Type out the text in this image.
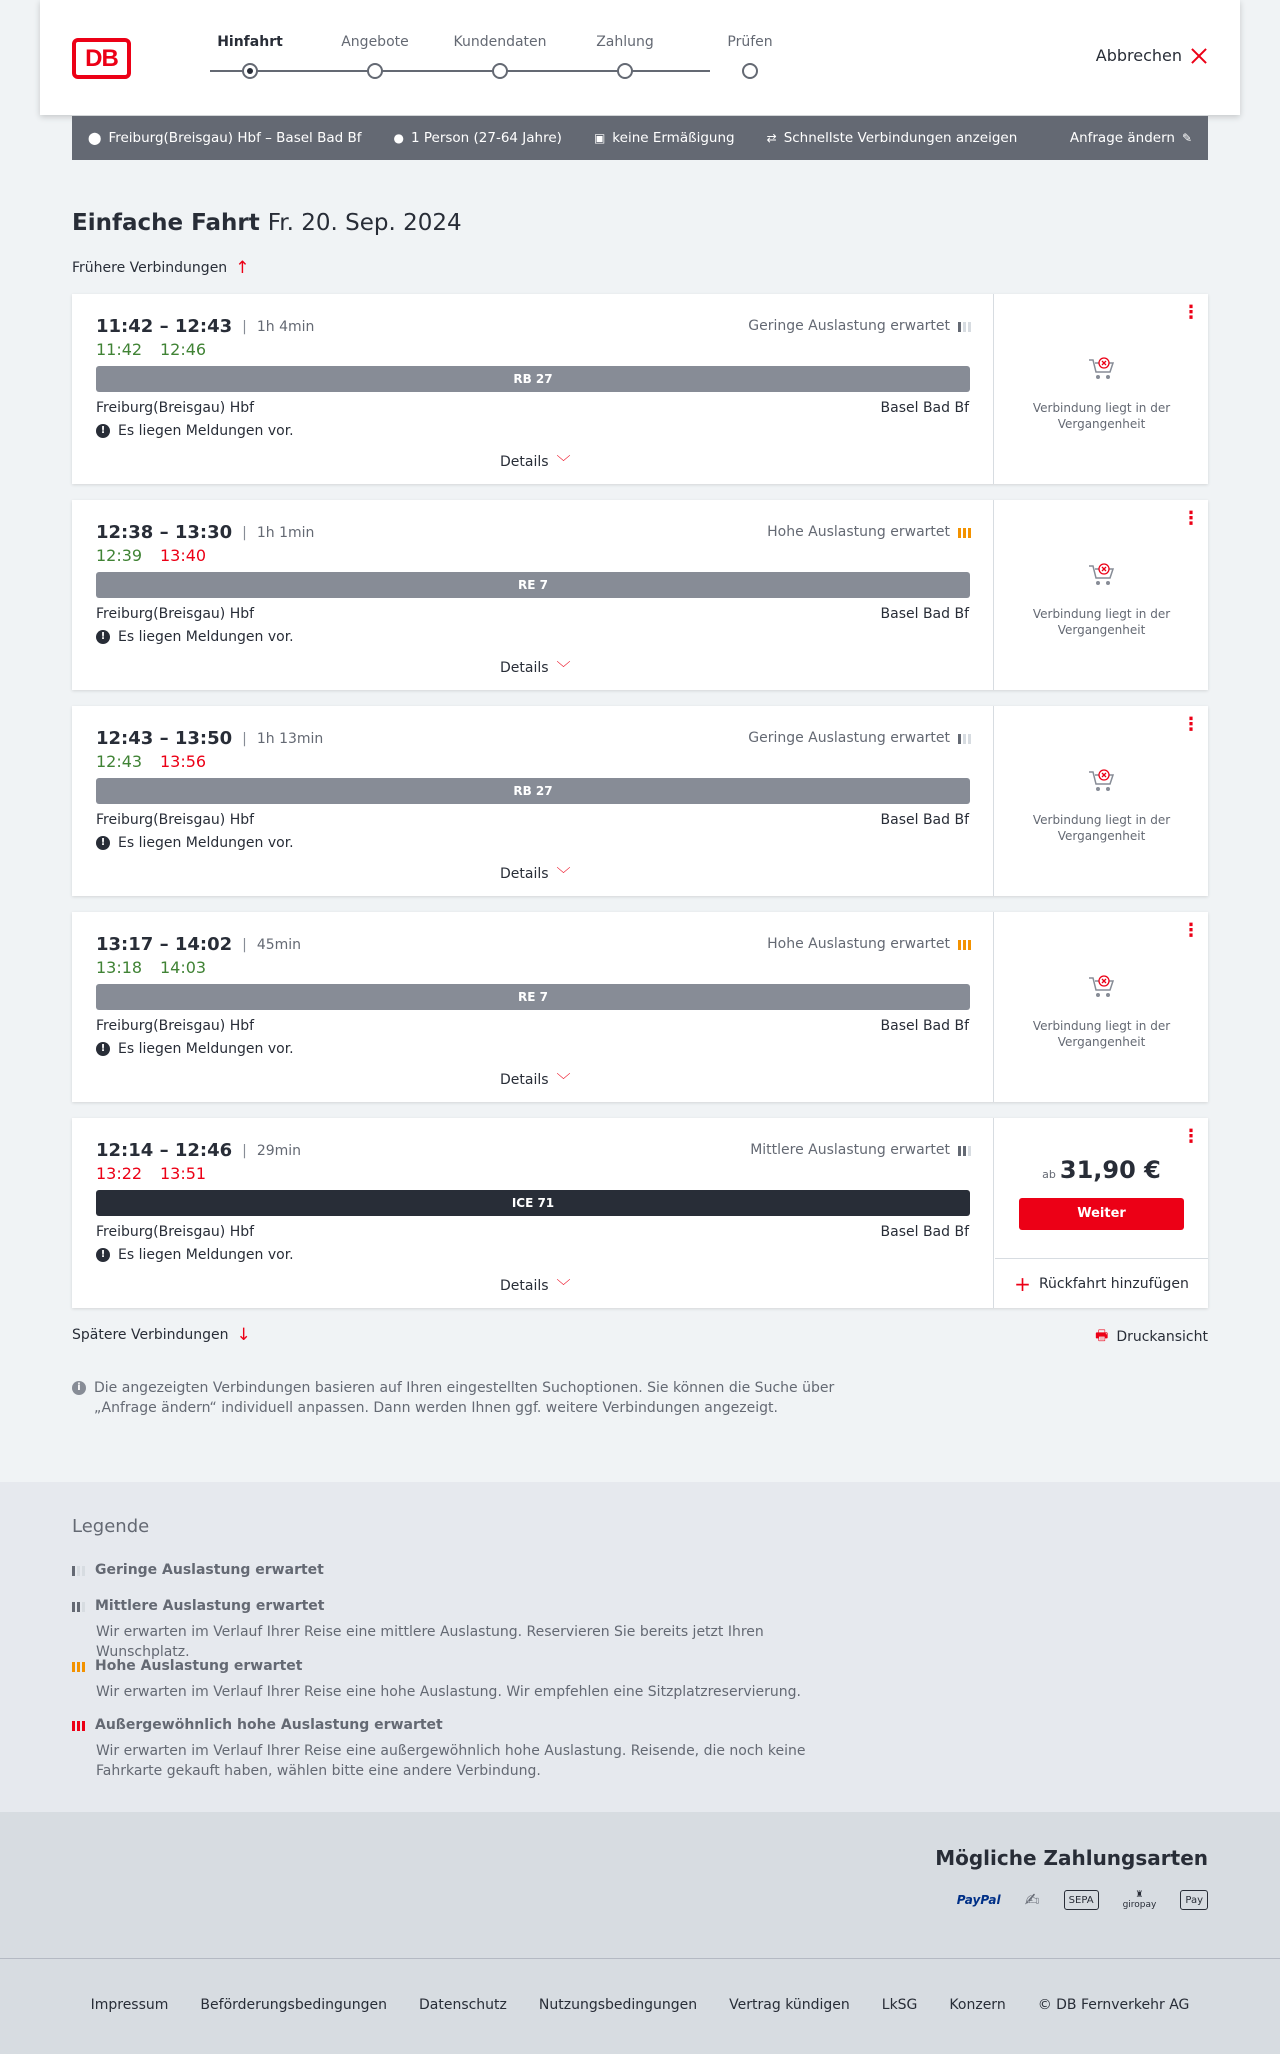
DB
Hinfahrt	Angebote	Kundendaten	Zahlung	Prüfen
Abbrechen
⬤ Freiburg(Breisgau) Hbf – Basel Bad Bf	● 1 Person (27-64 Jahre)	▣ keine Ermäßigung	⇄ Schnellste Verbindungen anzeigen	Anfrage ändern ✎
Einfache Fahrt Fr. 20. Sep. 2024
Frühere Verbindungen ↑
11:42 – 12:43 | 1h 4min
11:42 12:46
Geringe Auslastung erwartet
RB 27
Freiburg(Breisgau) Hbf	Basel Bad Bf
! Es liegen Meldungen vor.
Details ﹀
⋮
Verbindung liegt in der Vergangenheit
12:38 – 13:30 | 1h 1min
12:39 13:40
Hohe Auslastung erwartet
RE 7
Freiburg(Breisgau) Hbf	Basel Bad Bf
! Es liegen Meldungen vor.
Details ﹀
⋮
Verbindung liegt in der Vergangenheit
12:43 – 13:50 | 1h 13min
12:43 13:56
Geringe Auslastung erwartet
RB 27
Freiburg(Breisgau) Hbf	Basel Bad Bf
! Es liegen Meldungen vor.
Details ﹀
⋮
Verbindung liegt in der Vergangenheit
13:17 – 14:02 | 45min
13:18 14:03
Hohe Auslastung erwartet
RE 7
Freiburg(Breisgau) Hbf	Basel Bad Bf
! Es liegen Meldungen vor.
Details ﹀
⋮
Verbindung liegt in der Vergangenheit
12:14 – 12:46 | 29min
13:22 13:51
Mittlere Auslastung erwartet
ICE 71
Freiburg(Breisgau) Hbf	Basel Bad Bf
! Es liegen Meldungen vor.
Details ﹀
⋮
ab 31,90 €
Weiter
+ Rückfahrt hinzufügen
Spätere Verbindungen ↓	🖶 Druckansicht
i Die angezeigten Verbindungen basieren auf Ihren eingestellten Suchoptionen. Sie können die Suche über „Anfrage ändern“ individuell anpassen. Dann werden Ihnen ggf. weitere Verbindungen angezeigt.
Legende
Geringe Auslastung erwartet
Mittlere Auslastung erwartet
Wir erwarten im Verlauf Ihrer Reise eine mittlere Auslastung. Reservieren Sie bereits jetzt Ihren Wunschplatz.
Hohe Auslastung erwartet
Wir erwarten im Verlauf Ihrer Reise eine hohe Auslastung. Wir empfehlen eine Sitzplatzreservierung.
Außergewöhnlich hohe Auslastung erwartet
Wir erwarten im Verlauf Ihrer Reise eine außergewöhnlich hohe Auslastung. Reisende, die noch keine Fahrkarte gekauft haben, wählen bitte eine andere Verbindung.
Mögliche Zahlungsarten
PayPal ✍	SEPA	♜
giropay	Pay
Impressum Beförderungsbedingungen Datenschutz Nutzungsbedingungen Vertrag kündigen LkSG Konzern © DB Fernverkehr AG
